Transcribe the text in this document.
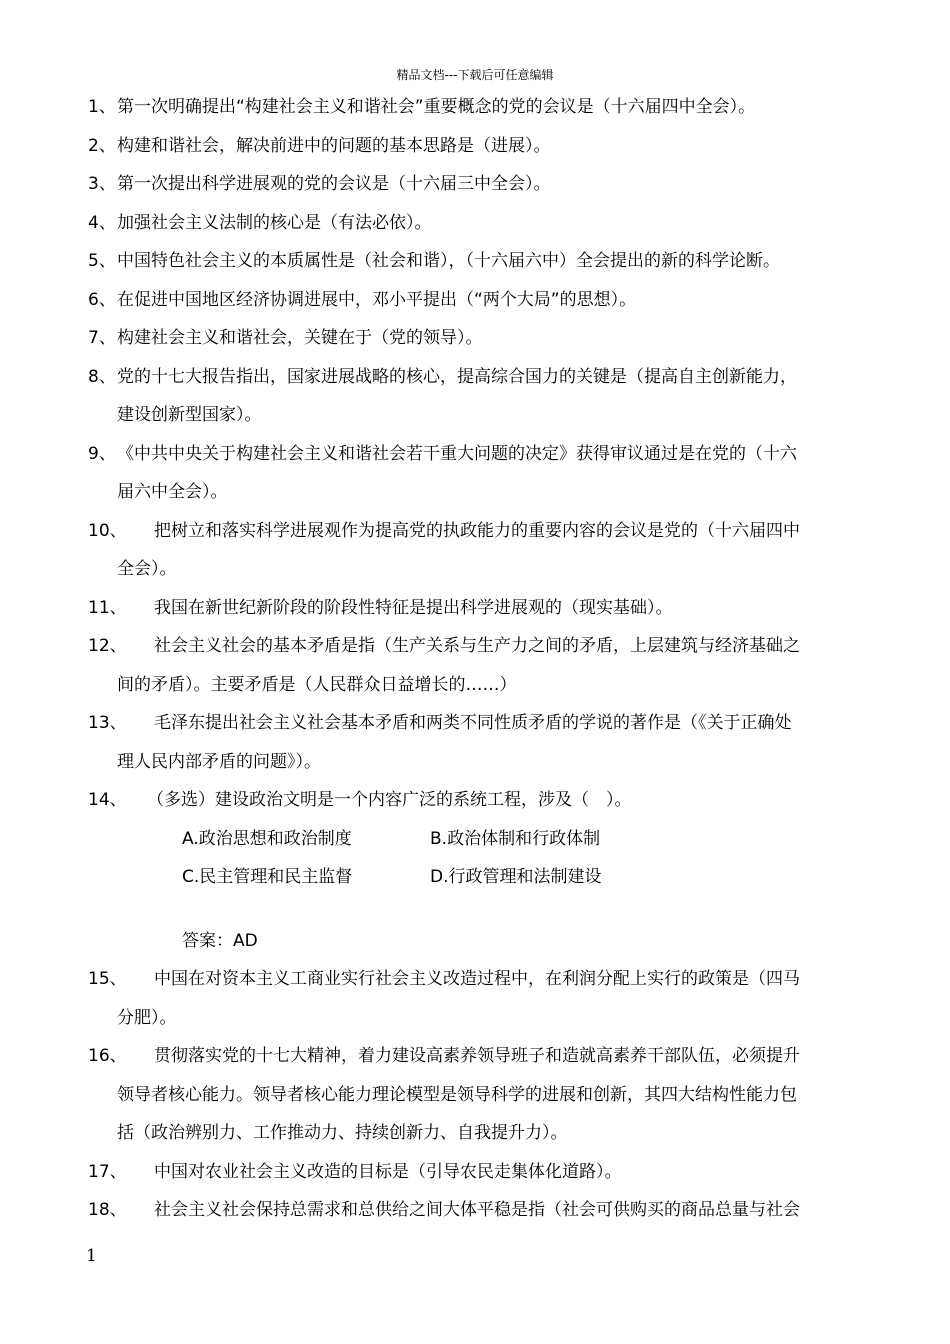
精品文档---下载后可任意编辑
1、 第一次明确提出“构建社会主义和谐社会”重要概念的党的会议是（十六届四中全会）。
2、 构建和谐社会，解决前进中的问题的基本思路是（进展）。
3、 第一次提出科学进展观的党的会议是（十六届三中全会）。
4、 加强社会主义法制的核心是（有法必依）。
5、 中国特色社会主义的本质属性是（社会和谐），（十六届六中）全会提出的新的科学论断。
6、 在促进中国地区经济协调进展中，邓小平提出（“两个大局”的思想）。
7、 构建社会主义和谐社会，关键在于（党的领导）。
8、 党的十七大报告指出，国家进展战略的核心，提高综合国力的关键是（提高自主创新能力，
建设创新型国家）。
9、 《中共中央关于构建社会主义和谐社会若干重大问题的决定》获得审议通过是在党的（十六
届六中全会）。
10、 把树立和落实科学进展观作为提高党的执政能力的重要内容的会议是党的（十六届四中
全会）。
11、 我国在新世纪新阶段的阶段性特征是提出科学进展观的（现实基础）。
12、 社会主义社会的基本矛盾是指（生产关系与生产力之间的矛盾，上层建筑与经济基础之
间的矛盾）。主要矛盾是（人民群众日益增长的……）
13、 毛泽东提出社会主义社会基本矛盾和两类不同性质矛盾的学说的著作是（《关于正确处
理人民内部矛盾的问题》）。
14、 （多选）建设政治文明是一个内容广泛的系统工程，涉及（　）。
A.政治思想和政治制度	B.政治体制和行政体制
C.民主管理和民主监督	D.行政管理和法制建设
答案：AD
15、 中国在对资本主义工商业实行社会主义改造过程中，在利润分配上实行的政策是（四马
分肥）。
16、 贯彻落实党的十七大精神，着力建设高素养领导班子和造就高素养干部队伍，必须提升
领导者核心能力。领导者核心能力理论模型是领导科学的进展和创新，其四大结构性能力包
括（政治辨别力、工作推动力、持续创新力、自我提升力）。
17、 中国对农业社会主义改造的目标是（引导农民走集体化道路）。
18、 社会主义社会保持总需求和总供给之间大体平稳是指（社会可供购买的商品总量与社会
1
